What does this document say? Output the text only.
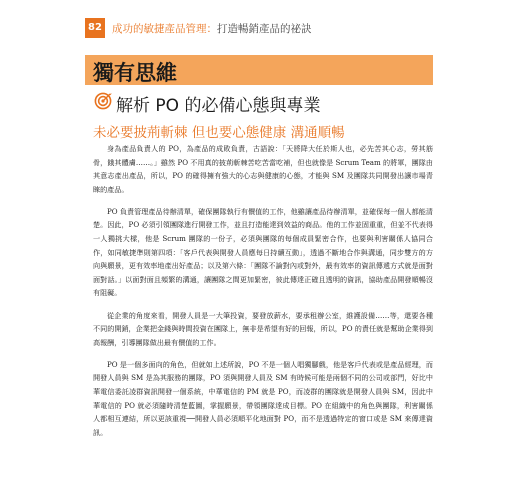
82 成功的敏捷產品管理：打造暢銷產品的祕訣
獨有思維
解析 PO 的必備心態與專業
未必要披荊斬棘 但也要心態健康 溝通順暢

身為產品負責人的 PO，為產品的成敗負責，古語說：「天將降大任於斯人也，必先苦其心志，勞其筋骨，餓其體膚……。」雖然 PO 不用真的披荊斬棘苦吃苦當吃補，但也就像是 Scrum Team 的將軍，團隊由其意志產出產品，所以，PO 的確得擁有強大的心志與健康的心態，才能與 SM 及團隊共同開發出讓市場青睞的產品。

PO 負責管理產品待辦清單，確保團隊執行有價值的工作，他雖讓產品待辦清單，並確保每一個人都能清楚。因此，PO 必須引領團隊進行開發工作，並且打造能達到效益的商品。他的工作並固重重，但並不代表得一人獨挑大樑，他是 Scrum 團隊的一份子，必須與團隊的每個成員緊密合作，也要與利害關係人協同合作，如同敏捷準則第四項：「客戶代表與開發人員應每日持續互動」，透過不斷地合作與溝通，同步雙方的方向與願景，更有效率地產出好產品；以及第六條：「團隊不論對內或對外，最有效率的資訊傳遞方式就是面對面對話。」以面對面且頻繁的溝通，讓團隊之間更加緊密，彼此傳達正確且透明的資訊，協助產品開發順暢沒有阻礙。

從企業的角度來看，開發人員是一大筆投資，要發放薪水，要承租辦公室，維護設備……等，還要各種不同的開銷，企業把金錢與時間投資在團隊上，無非是希望有好的回報，所以，PO 的責任就是幫助企業得到高報酬，引導團隊做出最有價值的工作。

PO 是一個多面向的角色，但就如上述所說，PO 不是一個人唱獨腳戲，他是客戶代表或是產品經理，而開發人員與 SM 是為其服務的團隊，PO 須與開發人員及 SM 有時候可能是兩個不同的公司或部門，好比中華電信委託凌群資訊開發一個系統，中華電信的 PM 就是 PO，而凌群的團隊就是開發人員與 SM，因此中華電信的 PO 就必須隨時清楚藍圖，掌握願景，帶領團隊達成目標。PO 在組織中的角色與團隊，利害關係人都相互連結，所以更該重視──開發人員必須順平化地面對 PO，而不是透過特定的窗口或是 SM 來傳達資訊。
